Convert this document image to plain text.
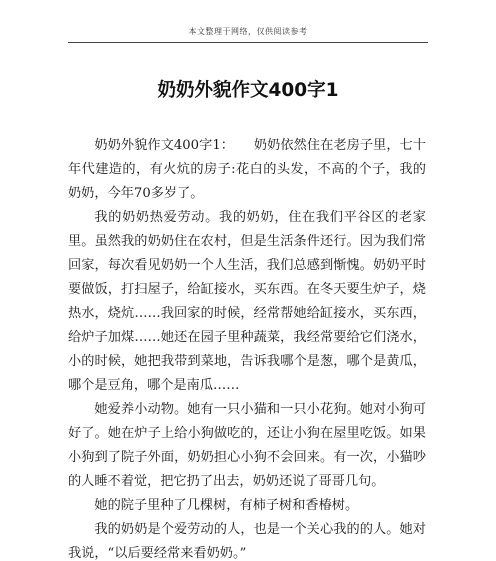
本文整理于网络，仅供阅读参考
奶奶外貌作文400字1

奶奶外貌作文400字1：　　奶奶依然住在老房子里，七十年代建造的，有火炕的房子:花白的头发，不高的个子，我的奶奶，今年70多岁了。

我的奶奶热爱劳动。我的奶奶，住在我们平谷区的老家里。虽然我的奶奶住在农村，但是生活条件还行。因为我们常回家，每次看见奶奶一个人生活，我们总感到惭愧。奶奶平时要做饭，打扫屋子，给缸接水，买东西。在冬天要生炉子，烧热水，烧炕……我回家的时候，经常帮她给缸接水，买东西，给炉子加煤……她还在园子里种蔬菜，我经常要给它们浇水，小的时候，她把我带到菜地，告诉我哪个是葱，哪个是黄瓜，哪个是豆角，哪个是南瓜……

她爱养小动物。她有一只小猫和一只小花狗。她对小狗可好了。她在炉子上给小狗做吃的，还让小狗在屋里吃饭。如果小狗到了院子外面，奶奶担心小狗不会回来。有一次，小猫吵的人睡不着觉，把它扔了出去，奶奶还说了哥哥几句。

她的院子里种了几棵树，有柿子树和香椿树。

我的奶奶是个爱劳动的人，也是一个关心我的的人。她对我说，“以后要经常来看奶奶。”
